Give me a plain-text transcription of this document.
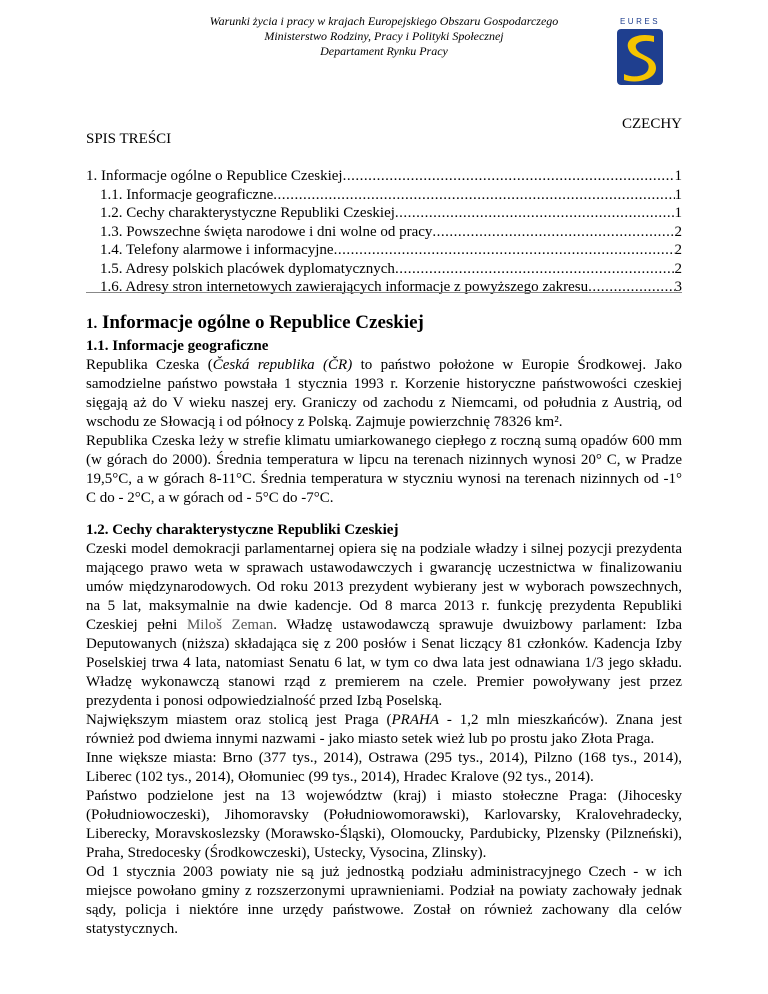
Warunki życia i pracy w krajach Europejskiego Obszaru Gospodarczego
Ministerstwo Rodziny, Pracy i Polityki Społecznej
Departament Rynku Pracy
EURES
CZECHY
SPIS TREŚCI
1. Informacje ogólne o Republice Czeskiej .....	1
1.1. Informacje geograficzne .....	1
1.2. Cechy charakterystyczne Republiki Czeskiej .....	1
1.3. Powszechne święta narodowe i dni wolne od pracy .....	2
1.4. Telefony alarmowe i informacyjne .....	2
1.5. Adresy polskich placówek dyplomatycznych .....	2
1.6. Adresy stron internetowych zawierających informacje z powyższego zakresu .....	3
1. Informacje ogólne o Republice Czeskiej
1.1. Informacje geograficzne

Republika Czeska (Česká republika (ČR) to państwo położone w Europie Środkowej. Jako samodzielne państwo powstała 1 stycznia 1993 r. Korzenie historyczne państwowości czeskiej sięgają aż do V wieku naszej ery. Graniczy od zachodu z Niemcami, od południa z Austrią, od wschodu ze Słowacją i od północy z Polską. Zajmuje powierzchnię 78326 km².

Republika Czeska leży w strefie klimatu umiarkowanego ciepłego z roczną sumą opadów 600 mm (w górach do 2000). Średnia temperatura w lipcu na terenach nizinnych wynosi 20° C, w Pradze 19,5°C, a w górach 8-11°C. Średnia temperatura w styczniu wynosi na terenach nizinnych od -1° C do - 2°C, a w górach od - 5°C do -7°C.

1.2. Cechy charakterystyczne Republiki Czeskiej

Czeski model demokracji parlamentarnej opiera się na podziale władzy i silnej pozycji prezydenta mającego prawo weta w sprawach ustawodawczych i gwarancję uczestnictwa w finalizowaniu umów międzynarodowych. Od roku 2013 prezydent wybierany jest w wyborach powszechnych, na 5 lat, maksymalnie na dwie kadencje. Od 8 marca 2013 r. funkcję prezydenta Republiki Czeskiej pełni Miloš Zeman. Władzę ustawodawczą sprawuje dwuizbowy parlament: Izba Deputowanych (niższa) składająca się z 200 posłów i Senat liczący 81 członków. Kadencja Izby Poselskiej trwa 4 lata, natomiast Senatu 6 lat, w tym co dwa lata jest odnawiana 1/3 jego składu. Władzę wykonawczą stanowi rząd z premierem na czele. Premier powoływany jest przez prezydenta i ponosi odpowiedzialność przed Izbą Poselską.

Największym miastem oraz stolicą jest Praga (PRAHA - 1,2 mln mieszkańców). Znana jest również pod dwiema innymi nazwami - jako miasto setek wież lub po prostu jako Złota Praga.

Inne większe miasta: Brno (377 tys., 2014), Ostrawa (295 tys., 2014), Pilzno (168 tys., 2014), Liberec (102 tys., 2014), Ołomuniec (99 tys., 2014), Hradec Kralove (92 tys., 2014).

Państwo podzielone jest na 13 województw (kraj) i miasto stołeczne Praga: (Jihocesky (Południowoczeski), Jihomoravsky (Południowomorawski), Karlovarsky, Kralovehradecky, Liberecky, Moravskoslezsky (Morawsko-Śląski), Olomoucky, Pardubicky, Plzensky (Pilzneński), Praha, Stredocesky (Środkowczeski), Ustecky, Vysocina, Zlinsky).

Od 1 stycznia 2003 powiaty nie są już jednostką podziału administracyjnego Czech - w ich miejsce powołano gminy z rozszerzonymi uprawnieniami. Podział na powiaty zachowały jednak sądy, policja i niektóre inne urzędy państwowe. Został on również zachowany dla celów statystycznych.
